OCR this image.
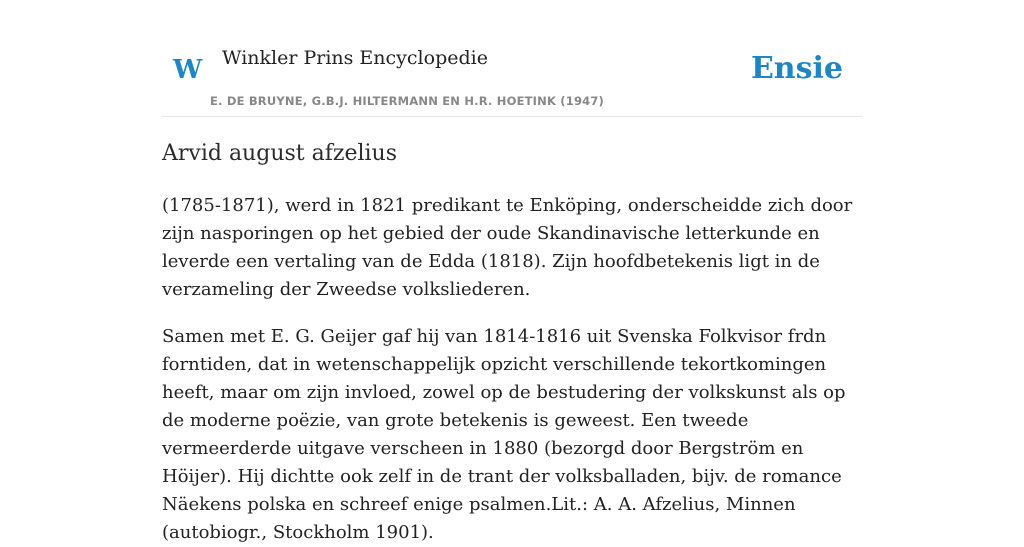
W Winkler Prins Encyclopedie
E. DE BRUYNE, G.B.J. HILTERMANN EN H.R. HOETINK (1947)
Ensie
Arvid august afzelius

(1785-1871), werd in 1821 predikant te Enköping, onderscheidde zich door zijn nasporingen op het gebied der oude Skandinavische letterkunde en leverde een vertaling van de Edda (1818). Zijn hoofdbetekenis ligt in de verzameling der Zweedse volksliederen.

Samen met E. G. Geijer gaf hij van 1814-1816 uit Svenska Folkvisor frdn forntiden, dat in wetenschappelijk opzicht verschillende tekortkomingen heeft, maar om zijn invloed, zowel op de bestudering der volkskunst als op de moderne poëzie, van grote betekenis is geweest. Een tweede vermeerderde uitgave verscheen in 1880 (bezorgd door Bergström en Höijer). Hij dichtte ook zelf in de trant der volksballaden, bijv. de romance Näekens polska en schreef enige psalmen.Lit.: A. A. Afzelius, Minnen (autobiogr., Stockholm 1901).
